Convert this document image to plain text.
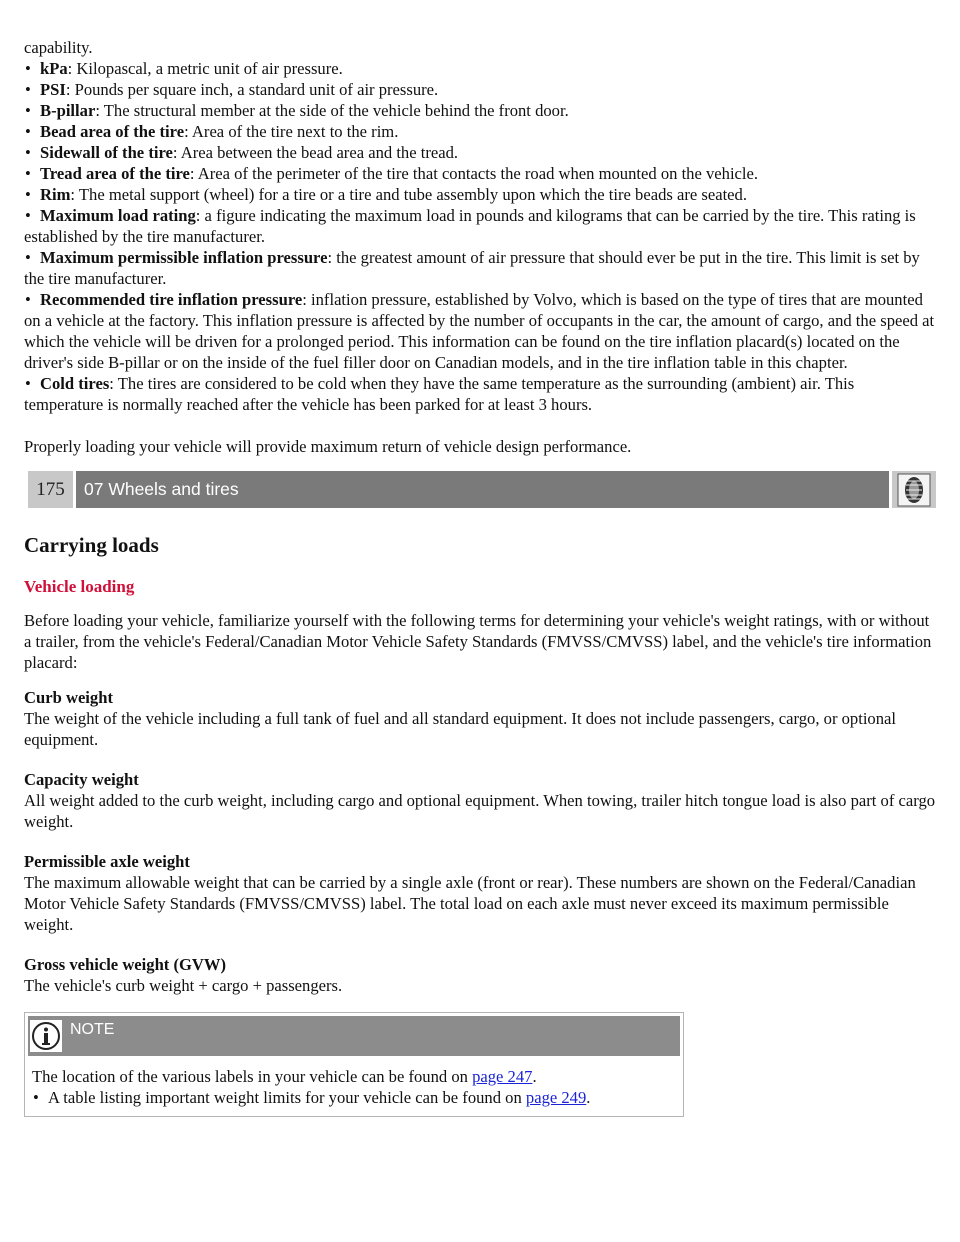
capability.

• kPa: Kilopascal, a metric unit of air pressure.
• PSI: Pounds per square inch, a standard unit of air pressure.
• B-pillar: The structural member at the side of the vehicle behind the front door.
• Bead area of the tire: Area of the tire next to the rim.
• Sidewall of the tire: Area between the bead area and the tread.
• Tread area of the tire: Area of the perimeter of the tire that contacts the road when mounted on the vehicle.
• Rim: The metal support (wheel) for a tire or a tire and tube assembly upon which the tire beads are seated.
• Maximum load rating: a figure indicating the maximum load in pounds and kilograms that can be carried by the tire. This rating is established by the tire manufacturer.
• Maximum permissible inflation pressure: the greatest amount of air pressure that should ever be put in the tire. This limit is set by the tire manufacturer.
• Recommended tire inflation pressure: inflation pressure, established by Volvo, which is based on the type of tires that are mounted on a vehicle at the factory. This inflation pressure is affected by the number of occupants in the car, the amount of cargo, and the speed at which the vehicle will be driven for a prolonged period. This information can be found on the tire inflation placard(s) located on the driver's side B-pillar or on the inside of the fuel filler door on Canadian models, and in the tire inflation table in this chapter.
• Cold tires: The tires are considered to be cold when they have the same temperature as the surrounding (ambient) air. This temperature is normally reached after the vehicle has been parked for at least 3 hours.

Properly loading your vehicle will provide maximum return of vehicle design performance.

175	07 Wheels and tires
Carrying loads
Vehicle loading

Before loading your vehicle, familiarize yourself with the following terms for determining your vehicle's weight ratings, with or without a trailer, from the vehicle's Federal/Canadian Motor Vehicle Safety Standards (FMVSS/CMVSS) label, and the vehicle's tire information placard:

Curb weight

The weight of the vehicle including a full tank of fuel and all standard equipment. It does not include passengers, cargo, or optional equipment.

Capacity weight

All weight added to the curb weight, including cargo and optional equipment. When towing, trailer hitch tongue load is also part of cargo weight.

Permissible axle weight

The maximum allowable weight that can be carried by a single axle (front or rear). These numbers are shown on the Federal/Canadian Motor Vehicle Safety Standards (FMVSS/CMVSS) label. The total load on each axle must never exceed its maximum permissible weight.

Gross vehicle weight (GVW)

The vehicle's curb weight + cargo + passengers.

NOTE

The location of the various labels in your vehicle can be found on page 247.

• A table listing important weight limits for your vehicle can be found on page 249.
